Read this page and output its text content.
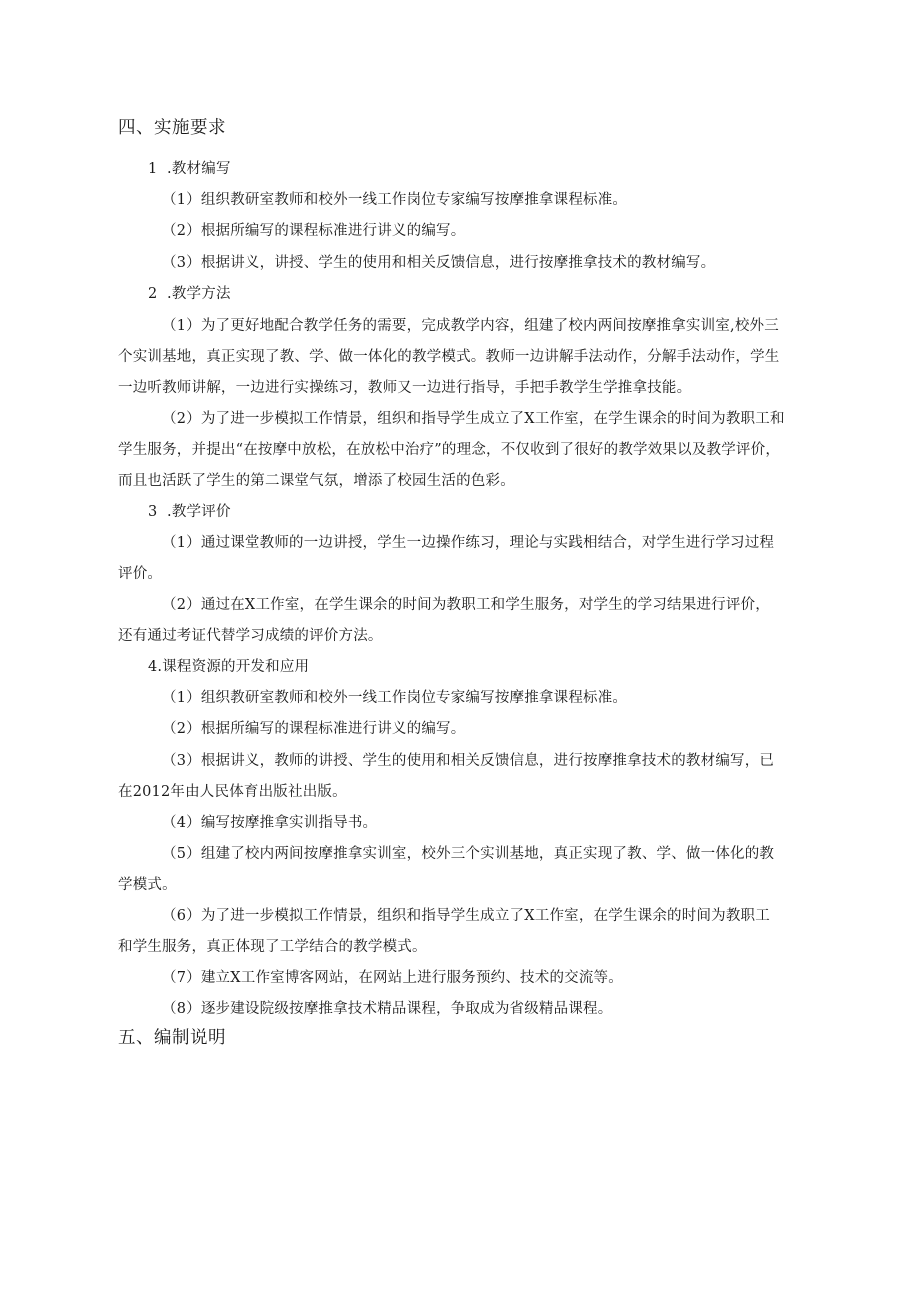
四、实施要求
1  .教材编写
（1）组织教研室教师和校外一线工作岗位专家编写按摩推拿课程标准。
（2）根据所编写的课程标准进行讲义的编写。
（3）根据讲义，讲授、学生的使用和相关反馈信息，进行按摩推拿技术的教材编写。
2  .教学方法
（1）为了更好地配合教学任务的需要，完成教学内容，组建了校内两间按摩推拿实训室,校外三
个实训基地，真正实现了教、学、做一体化的教学模式。教师一边讲解手法动作，分解手法动作，学生
一边听教师讲解，一边进行实操练习，教师又一边进行指导，手把手教学生学推拿技能。
（2）为了进一步模拟工作情景，组织和指导学生成立了X工作室，在学生课余的时间为教职工和
学生服务，并提出“在按摩中放松，在放松中治疗”的理念，不仅收到了很好的教学效果以及教学评价，
而且也活跃了学生的第二课堂气氛，增添了校园生活的色彩。
3  .教学评价
（1）通过课堂教师的一边讲授，学生一边操作练习，理论与实践相结合，对学生进行学习过程
评价。
（2）通过在X工作室，在学生课余的时间为教职工和学生服务，对学生的学习结果进行评价，
还有通过考证代替学习成绩的评价方法。
4.课程资源的开发和应用
（1）组织教研室教师和校外一线工作岗位专家编写按摩推拿课程标准。
（2）根据所编写的课程标准进行讲义的编写。
（3）根据讲义，教师的讲授、学生的使用和相关反馈信息，进行按摩推拿技术的教材编写，已
在2012年由人民体育出版社出版。
（4）编写按摩推拿实训指导书。
（5）组建了校内两间按摩推拿实训室，校外三个实训基地，真正实现了教、学、做一体化的教
学模式。
（6）为了进一步模拟工作情景，组织和指导学生成立了X工作室，在学生课余的时间为教职工
和学生服务，真正体现了工学结合的教学模式。
（7）建立X工作室博客网站，在网站上进行服务预约、技术的交流等。
（8）逐步建设院级按摩推拿技术精品课程，争取成为省级精品课程。
五、编制说明
